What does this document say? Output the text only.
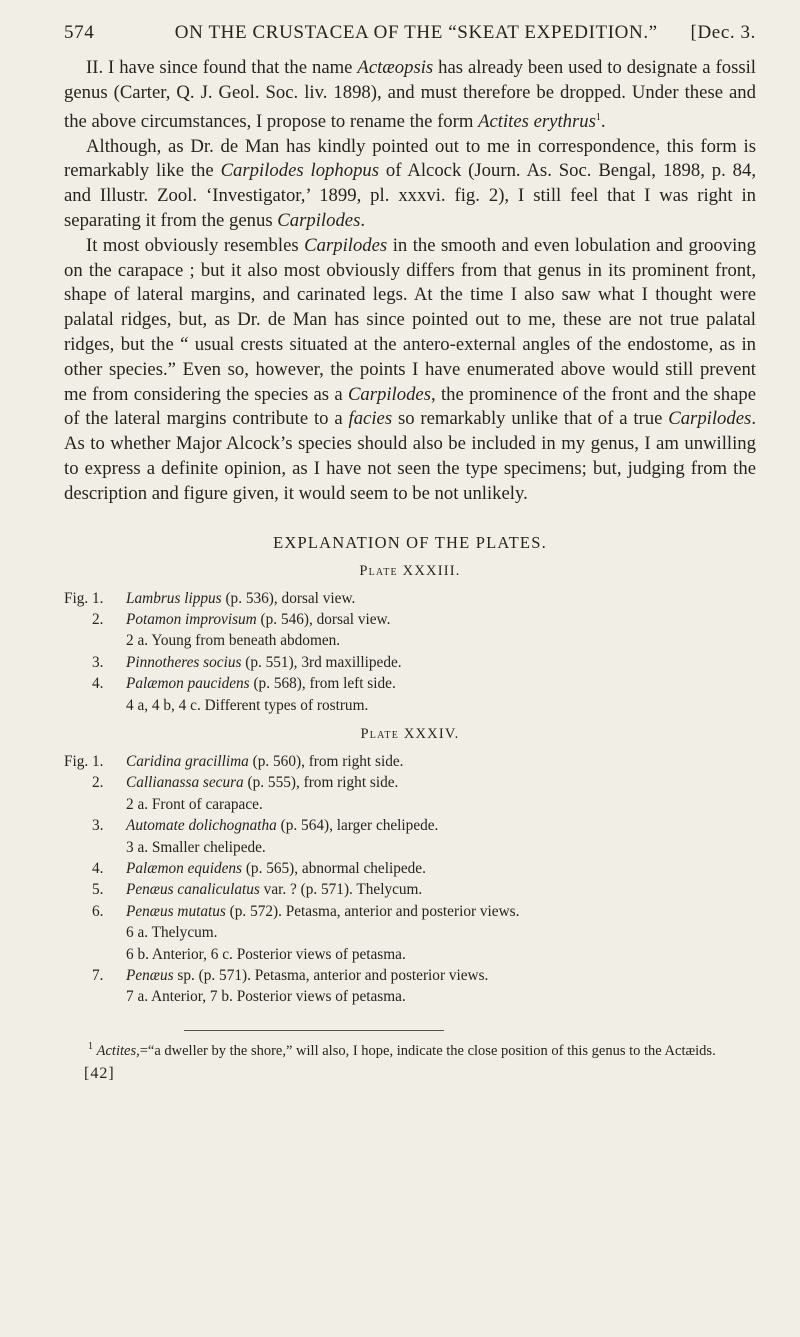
574	ON THE CRUSTACEA OF THE “SKEAT EXPEDITION.”	[Dec. 3.

II. I have since found that the name Actæopsis has already been used to designate a fossil genus (Carter, Q. J. Geol. Soc. liv. 1898), and must therefore be dropped. Under these and the above circumstances, I propose to rename the form Actites erythrus$^1$.

Although, as Dr. de Man has kindly pointed out to me in correspondence, this form is remarkably like the Carpilodes lophopus of Alcock (Journ. As. Soc. Bengal, 1898, p. 84, and Illustr. Zool. ‘Investigator,’ 1899, pl. xxxvi. fig. 2), I still feel that I was right in separating it from the genus Carpilodes.

It most obviously resembles Carpilodes in the smooth and even lobulation and grooving on the carapace ; but it also most obviously differs from that genus in its prominent front, shape of lateral margins, and carinated legs. At the time I also saw what I thought were palatal ridges, but, as Dr. de Man has since pointed out to me, these are not true palatal ridges, but the “ usual crests situated at the antero-external angles of the endostome, as in other species.” Even so, however, the points I have enumerated above would still prevent me from considering the species as a Carpilodes, the prominence of the front and the shape of the lateral margins contribute to a facies so remarkably unlike that of a true Carpilodes. As to whether Major Alcock’s species should also be included in my genus, I am unwilling to express a definite opinion, as I have not seen the type specimens; but, judging from the description and figure given, it would seem to be not unlikely.

EXPLANATION OF THE PLATES.
Plate XXXIII.
Fig. 1.	Lambrus lippus (p. 536), dorsal view.
2.	Potamon improvisum (p. 546), dorsal view.
2 a. Young from beneath abdomen.
3.	Pinnotheres socius (p. 551), 3rd maxillipede.
4.	Palæmon paucidens (p. 568), from left side.
4 a, 4 b, 4 c. Different types of rostrum.
Plate XXXIV.
Fig. 1.	Caridina gracillima (p. 560), from right side.
2.	Callianassa secura (p. 555), from right side.
2 a. Front of carapace.
3.	Automate dolichognatha (p. 564), larger chelipede.
3 a. Smaller chelipede.
4.	Palæmon equidens (p. 565), abnormal chelipede.
5.	Penæus canaliculatus var. ? (p. 571). Thelycum.
6.	Penæus mutatus (p. 572). Petasma, anterior and posterior views.
6 a. Thelycum.
6 b. Anterior, 6 c. Posterior views of petasma.
7.	Penæus sp. (p. 571). Petasma, anterior and posterior views.
7 a. Anterior, 7 b. Posterior views of petasma.
$^1$ Actites,=“a dweller by the shore,” will also, I hope, indicate the close position of this genus to the Actæids.
[42]
